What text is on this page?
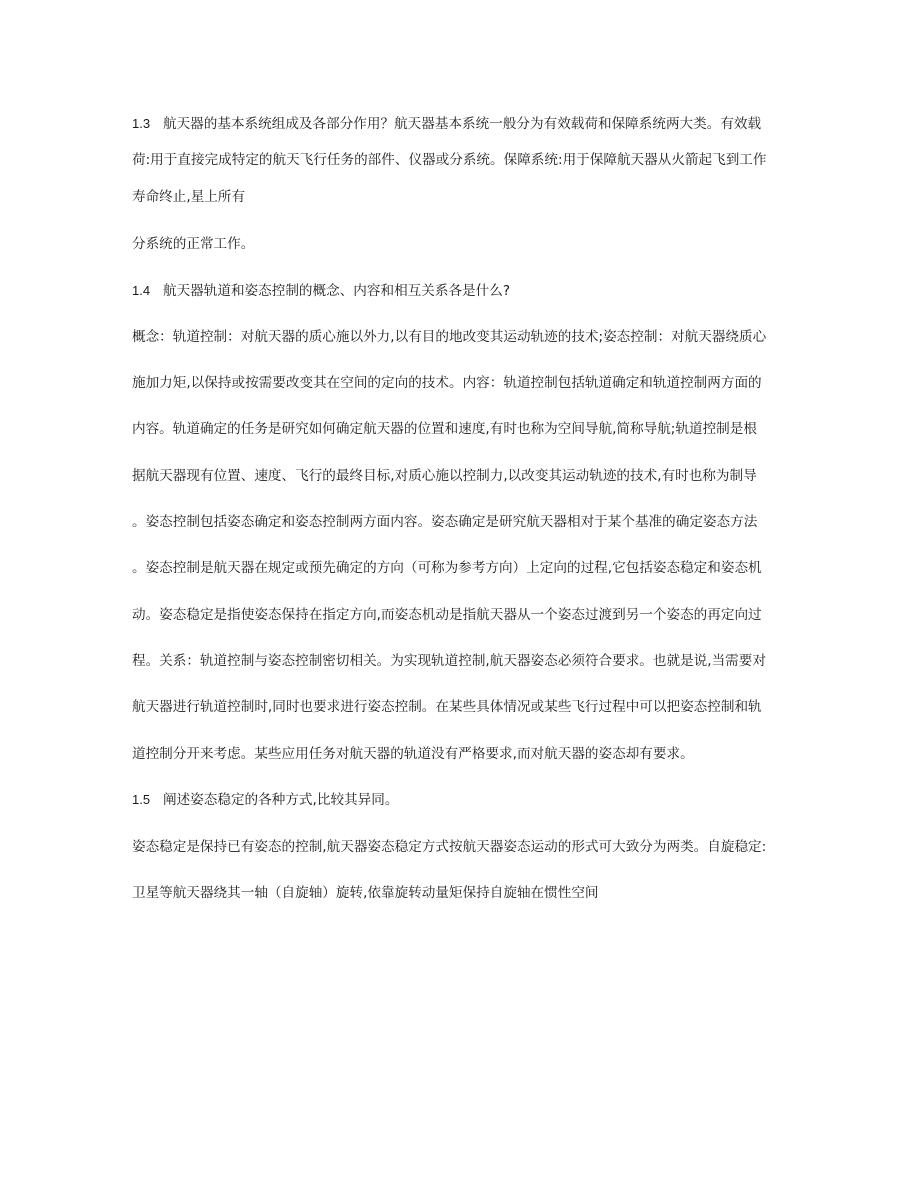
1.3 航天器的基本系统组成及各部分作用？航天器基本系统一般分为有效载荷和保障系统两大类。有效载
荷:用于直接完成特定的航天飞行任务的部件、仪器或分系统。保障系统:用于保障航天器从火箭起飞到工作
寿命终止,星上所有
分系统的正常工作。
1.4 航天器轨道和姿态控制的概念、内容和相互关系各是什么?
概念：轨道控制：对航天器的质心施以外力,以有目的地改变其运动轨迹的技术;姿态控制：对航天器绕质心
施加力矩,以保持或按需要改变其在空间的定向的技术。内容：轨道控制包括轨道确定和轨道控制两方面的
内容。轨道确定的任务是研究如何确定航天器的位置和速度,有时也称为空间导航,简称导航;轨道控制是根
据航天器现有位置、速度、飞行的最终目标,对质心施以控制力,以改变其运动轨迹的技术,有时也称为制导
。姿态控制包括姿态确定和姿态控制两方面内容。姿态确定是研究航天器相对于某个基准的确定姿态方法
。姿态控制是航天器在规定或预先确定的方向（可称为参考方向）上定向的过程,它包括姿态稳定和姿态机
动。姿态稳定是指使姿态保持在指定方向,而姿态机动是指航天器从一个姿态过渡到另一个姿态的再定向过
程。关系：轨道控制与姿态控制密切相关。为实现轨道控制,航天器姿态必须符合要求。也就是说,当需要对
航天器进行轨道控制时,同时也要求进行姿态控制。在某些具体情况或某些飞行过程中可以把姿态控制和轨
道控制分开来考虑。某些应用任务对航天器的轨道没有严格要求,而对航天器的姿态却有要求。
1.5 阐述姿态稳定的各种方式,比较其异同。
姿态稳定是保持已有姿态的控制,航天器姿态稳定方式按航天器姿态运动的形式可大致分为两类。自旋稳定:
卫星等航天器绕其一轴（自旋轴）旋转,依靠旋转动量矩保持自旋轴在惯性空间
